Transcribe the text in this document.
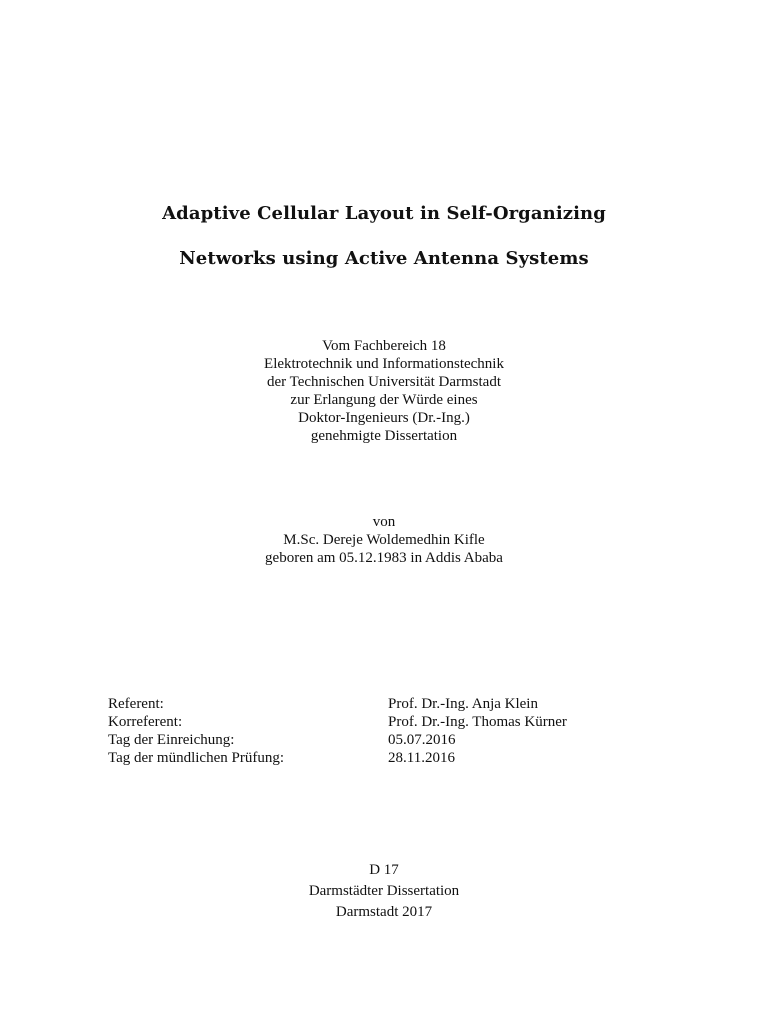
Adaptive Cellular Layout in Self-Organizing
Networks using Active Antenna Systems
Vom Fachbereich 18
Elektrotechnik und Informationstechnik
der Technischen Universität Darmstadt
zur Erlangung der Würde eines
Doktor-Ingenieurs (Dr.-Ing.)
genehmigte Dissertation
von
M.Sc. Dereje Woldemedhin Kifle
geboren am 05.12.1983 in Addis Ababa
Referent:	Prof. Dr.-Ing. Anja Klein
Korreferent:	Prof. Dr.-Ing. Thomas Kürner
Tag der Einreichung:	05.07.2016
Tag der mündlichen Prüfung:	28.11.2016
D 17
Darmstädter Dissertation
Darmstadt 2017
